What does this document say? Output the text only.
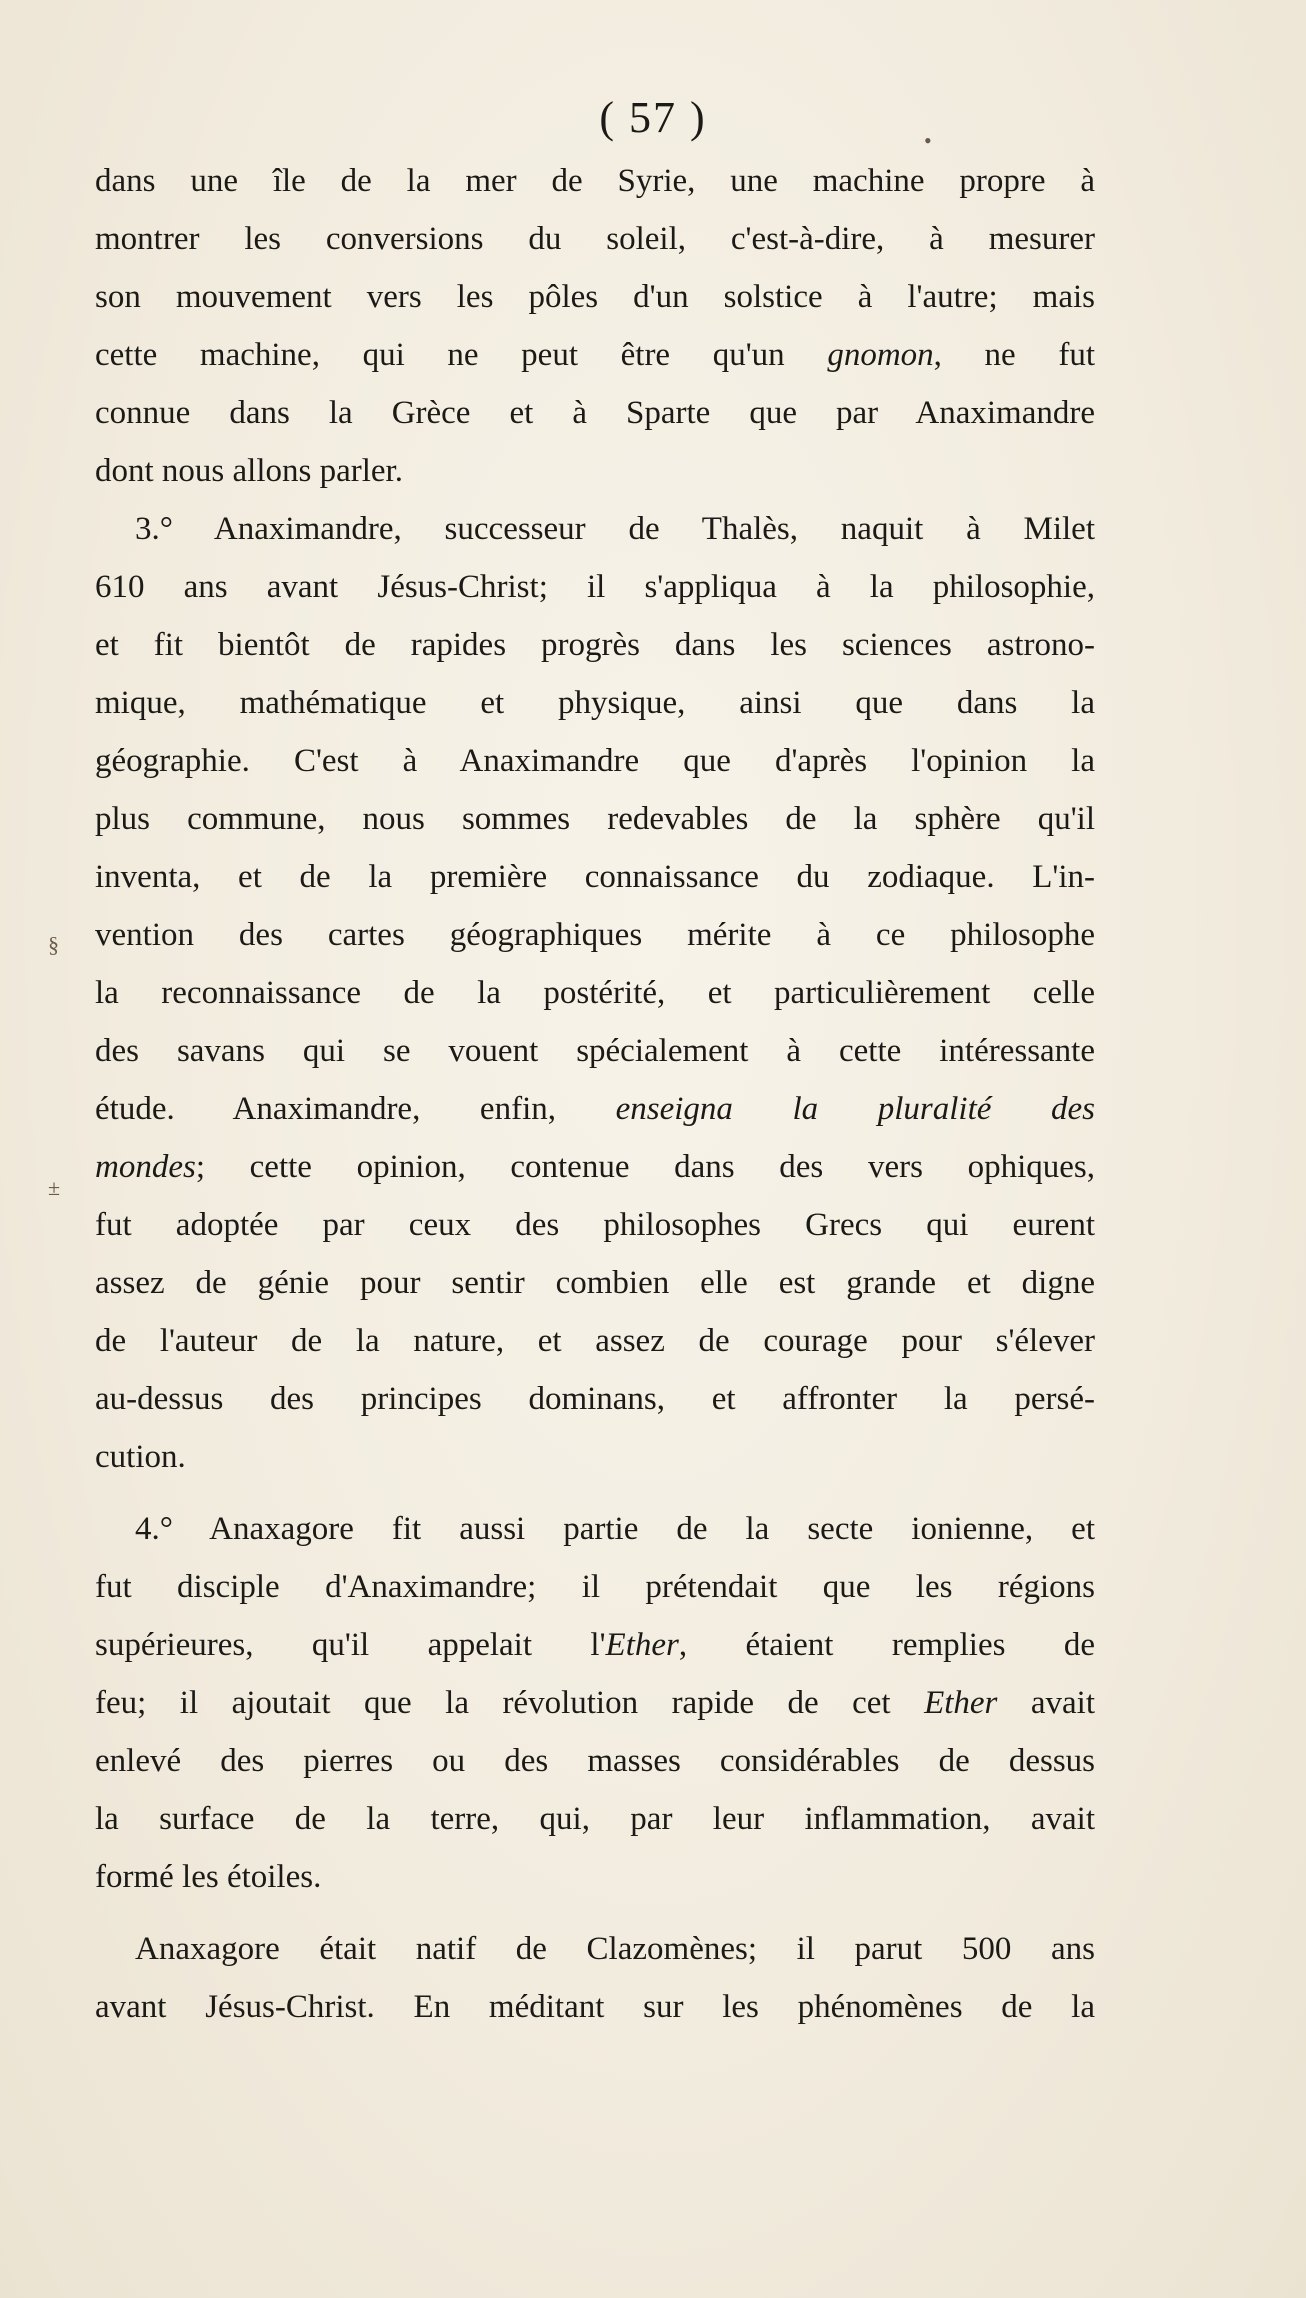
( 57 )	•
§
±
dans une île de la mer de Syrie, une machine propre à
montrer les conversions du soleil, c'est-à-dire, à mesurer
son mouvement vers les pôles d'un solstice à l'autre; mais
cette machine, qui ne peut être qu'un gnomon, ne fut
connue dans la Grèce et à Sparte que par Anaximandre
dont nous allons parler.
3.° Anaximandre, successeur de Thalès, naquit à Milet
610 ans avant Jésus-Christ; il s'appliqua à la philosophie,
et fit bientôt de rapides progrès dans les sciences astrono-
mique, mathématique et physique, ainsi que dans la
géographie. C'est à Anaximandre que d'après l'opinion la
plus commune, nous sommes redevables de la sphère qu'il
inventa, et de la première connaissance du zodiaque. L'in-
vention des cartes géographiques mérite à ce philosophe
la reconnaissance de la postérité, et particulièrement celle
des savans qui se vouent spécialement à cette intéressante
étude. Anaximandre, enfin, enseigna la pluralité des
mondes; cette opinion, contenue dans des vers ophiques,
fut adoptée par ceux des philosophes Grecs qui eurent
assez de génie pour sentir combien elle est grande et digne
de l'auteur de la nature, et assez de courage pour s'élever
au-dessus des principes dominans, et affronter la persé-
cution.
4.° Anaxagore fit aussi partie de la secte ionienne, et
fut disciple d'Anaximandre; il prétendait que les régions
supérieures, qu'il appelait l'Ether, étaient remplies de
feu; il ajoutait que la révolution rapide de cet Ether avait
enlevé des pierres ou des masses considérables de dessus
la surface de la terre, qui, par leur inflammation, avait
formé les étoiles.
Anaxagore était natif de Clazomènes; il parut 500 ans
avant Jésus-Christ. En méditant sur les phénomènes de la
